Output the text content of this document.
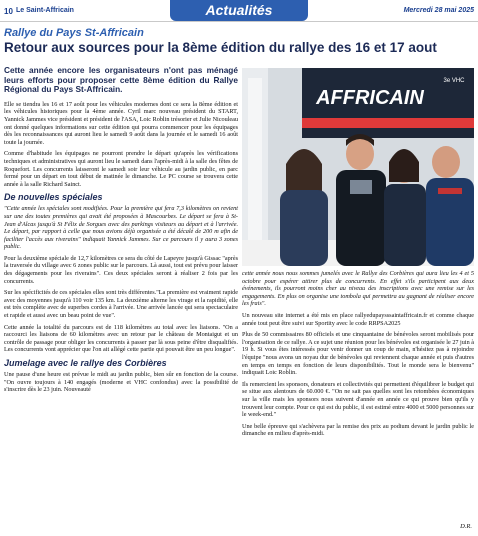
10 Le Saint-Affricain	Actualités	Mercredi 28 mai 2025
Rallye du Pays St-Affricain
Retour aux sources pour la 8ème édition du rallye des 16 et 17 aout
Cette année encore les organisateurs n'ont pas ménagé leurs efforts pour proposer cette 8ème édition du Rallye Régional du Pays St-Affricain.

Elle se tiendra les 16 et 17 août pour les véhicules modernes dont ce sera la 8ème édition et les véhicules historiques pour la 4ème année. Cyril marc nouveau président du START, Yannick Jammes vice président et président de l'ASA, Loic Roblin trésorier et Julie Nicouleau ont donné quelques informations sur cette édition qui pourra commencer pour les équipages dès les reconnaissances qui auront lieu le samedi 9 août dans la journée et le samedi 16 août toute la journée.

Comme d'habitude les équipages ne pourront prendre le départ qu'après les vérifications techniques et administratives qui auront lieu le samedi dans l'après-midi à la salle des fêtes de Roquefort. Les concurrents laisseront le samedi soir leur véhicule au jardin public, en parc fermé pour un départ en tout début de matinée le dimanche. Le PC course se trouvera cette année à la salle Richard Sainct.

De nouvelles spéciales

"Cette année les spéciales sont modifiées. Pour la première qui fera 7,3 kilomètres on revient sur une des toutes premières qui avait été proposées à Mascourbes. Le départ se fera à St-Jean d'Alcas jusqu'à St Félix de Sorgues avec des parkings visiteurs au départ et à l'arrivée. Le départ, par rapport à celle que nous avions déjà organisée a été décalé de 200 m afin de faciliter l'accès aux riverains" indiquait Yannick Jammes. Sur ce parcours il y aura 3 zones public.

Pour la deuxième spéciale de 12,7 kilomètres ce sera du côté de Lapeyre jusqu'à Gissac "après la traversée du village avec 6 zones public sur le parcours. Là aussi, tout est prévu pour laisser des dégagements pour les riverains". Ces deux spéciales seront à réaliser 2 fois par les concurrents.

Sur les spécificités de ces spéciales elles sont très différentes."La première est vraiment rapide avec des moyennes jusqu'à 110 voir 135 km. La deuxième alterne les virage et la rapidité, elle est très complète avec de superbes cordes à l'arrivée. Une arrivée lancée qui sera spectaculaire et rapide et aussi avec un beau point de vue".

Cette année la totalité du parcours est de 118 kilomètres au total avec les liaisons. "On a raccourci les liaisons de 60 kilomètres avec un retour par le château de Montaigut et un contrôle de passage pour obliger les concurrents à passer par là sous peine d'être disqualifiés. Les concurrents vont apprécier que l'on ait allégé cette partie qui pouvait être un peu longue".

Jumelage avec le rallye des Corbières

Une pause d'une heure est prévue le midi au jardin public, bien sûr en fonction de la course. "On ouvre toujours à 140 engagés (moderne et VHC confondus) avec la possibilité de s'inscrire dès le 23 juin. Nouveauté

AFFRICAIN
3e VHC

cette année nous nous sommes jumelés avec le Rallye des Corbières qui aura lieu les 4 et 5 octobre pour espérer attirer plus de concurrents. En effet s'ils participent aux deux événements, ils pourront moins cher au niveau des inscriptions avec une remise sur les engagements. En plus on organise une tombola qui permettra au gagnant de réaliser encore les frais".

Un nouveau site internet a été mis en place rallyedupaysssaintaffricain.fr et comme chaque année tout peut être suivi sur Sportity avec le code RRPSA2025

Plus de 50 commissaires 80 officiels et une cinquantaine de bénévoles seront mobilisés pour l'organisation de ce rallye. A ce sujet une réunion pour les bénévoles est organisée le 27 juin à 19 h. Si vous êtes intéressés pour venir donner un coup de main, n'hésitez pas à rejoindre l'équipe "nous avons un noyau dur de bénévoles qui reviennent chaque année et puis d'autres en temps en temps en fonction de leurs disponibilités. Tout le monde sera le bienvenu" indiquait Loic Roblin.

Ils remercient les sponsors, donateurs et collectivités qui permettent d'équilibrer le budget qui se situe aux alentours de 60.000 €. "On ne sait pas quelles sont les retombées économiques sur la ville mais les sponsors nous suivent d'année en année ce qui prouve bien qu'ils y trouvent leur compte. Pour ce qui est du public, il est estimé entre 4000 et 5000 personnes sur le week-end."

Une belle épreuve qui s'achèvera par la remise des prix au podium devant le jardin public le dimanche en milieu d'après-midi.

D.R.
